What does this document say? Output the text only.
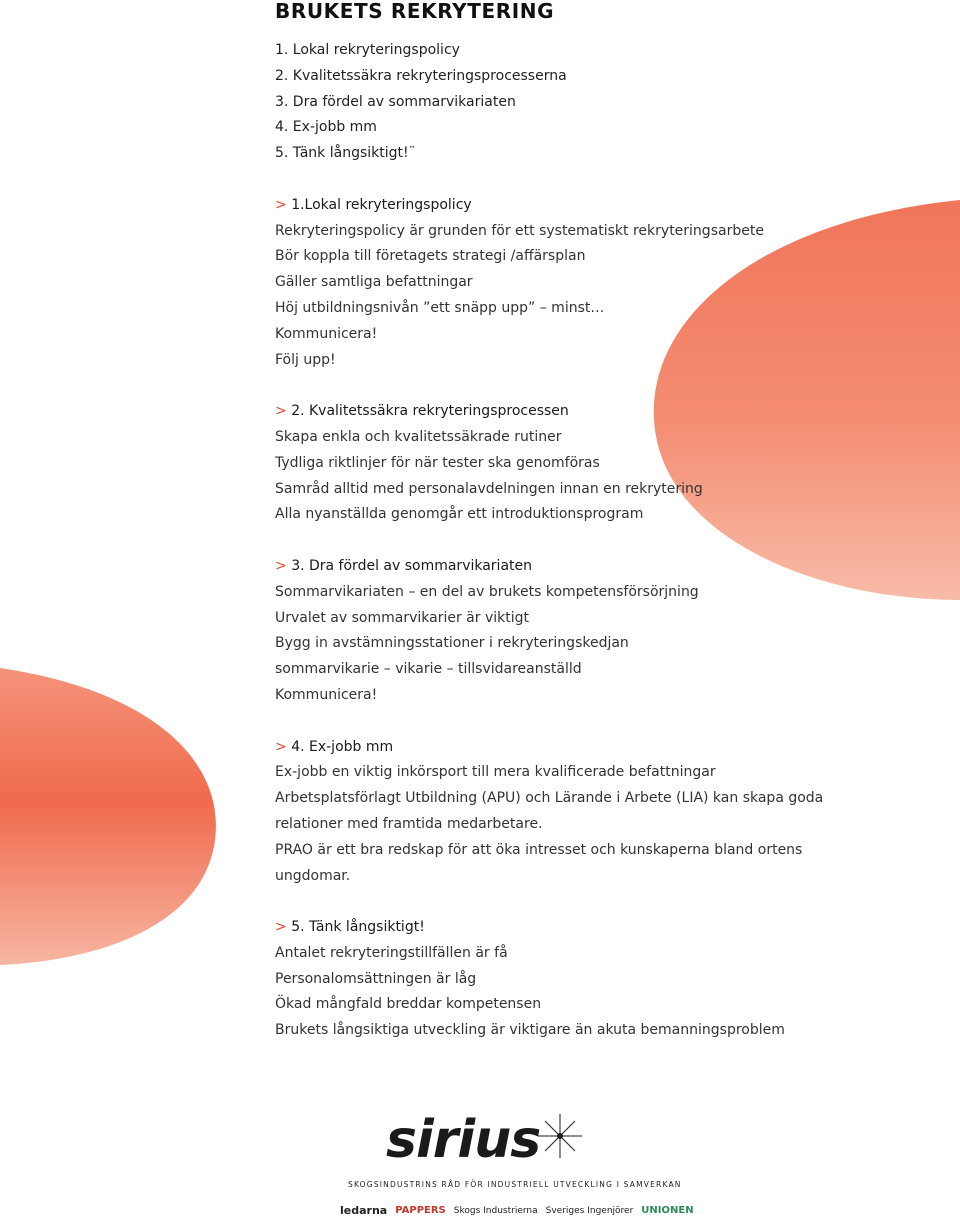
BRUKETS REKRYTERING
1. Lokal rekryteringspolicy
2. Kvalitetssäkra rekryteringsprocesserna
3. Dra fördel av sommarvikariaten
4. Ex-jobb mm
5. Tänk långsiktigt!¨
> 1.Lokal rekryteringspolicy
Rekryteringspolicy är grunden för ett systematiskt rekryteringsarbete
Bör koppla till företagets strategi /affärsplan
Gäller samtliga befattningar
Höj utbildningsnivån ”ett snäpp upp” – minst…
Kommunicera!
Följ upp!
> 2. Kvalitetssäkra rekryteringsprocessen
Skapa enkla och kvalitetssäkrade rutiner
Tydliga riktlinjer för när tester ska genomföras
Samråd alltid med personalavdelningen innan en rekrytering
Alla nyanställda genomgår ett introduktionsprogram
> 3. Dra fördel av sommarvikariaten
Sommarvikariaten – en del av brukets kompetensförsörjning
Urvalet av sommarvikarier är viktigt
Bygg in avstämningsstationer i rekryteringskedjan
sommarvikarie – vikarie – tillsvidareanställd
Kommunicera!
> 4. Ex-jobb mm
Ex-jobb en viktig inkörsport till mera kvalificerade befattningar
Arbetsplatsförlagt Utbildning (APU) och Lärande i Arbete (LIA) kan skapa goda
relationer med framtida medarbetare.
PRAO är ett bra redskap för att öka intresset och kunskaperna bland ortens
ungdomar.
> 5. Tänk långsiktigt!
Antalet rekryteringstillfällen är få
Personalomsättningen är låg
Ökad mångfald breddar kompetensen
Brukets långsiktiga utveckling är viktigare än akuta bemanningsproblem
sirius
SKOGSINDUSTRINS RÅD FÖR INDUSTRIELL UTVECKLING I SAMVERKAN
ledarna PAPPERS Skogs Industrierna Sveriges Ingenjörer UNIONEN
